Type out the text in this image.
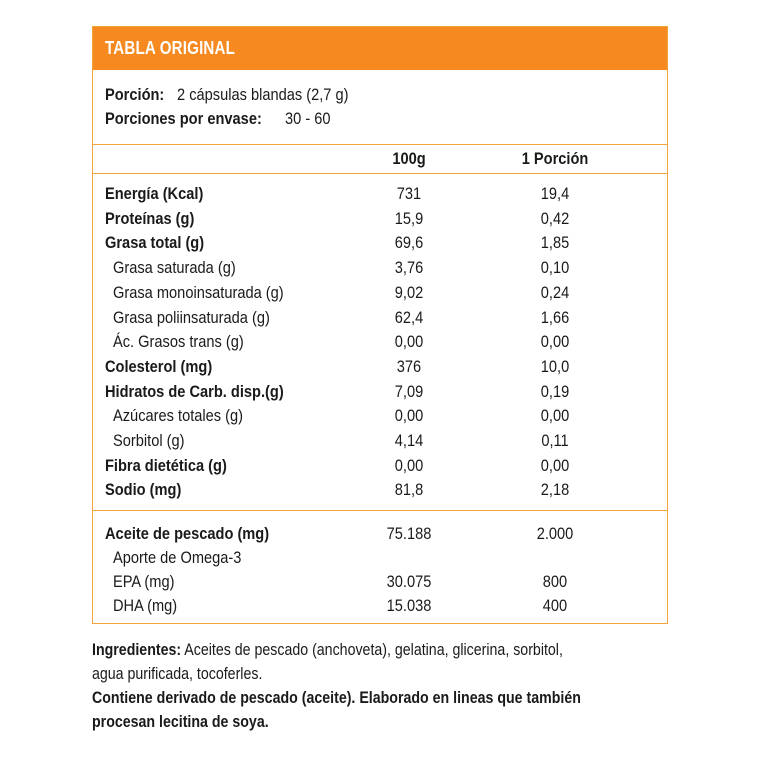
TABLA ORIGINAL
Porción: 2 cápsulas blandas (2,7 g)
Porciones por envase: 30 - 60
100g	1 Porción
Energía (Kcal)	731	19,4
Proteínas (g)	15,9	0,42
Grasa total (g)	69,6	1,85
Grasa saturada (g)	3,76	0,10
Grasa monoinsaturada (g)	9,02	0,24
Grasa poliinsaturada (g)	62,4	1,66
Ác. Grasos trans (g)	0,00	0,00
Colesterol (mg)	376	10,0
Hidratos de Carb. disp.(g)	7,09	0,19
Azúcares totales (g)	0,00	0,00
Sorbitol (g)	4,14	0,11
Fibra dietética (g)	0,00	0,00
Sodio (mg)	81,8	2,18
Aceite de pescado (mg)	75.188	2.000
Aporte de Omega-3
EPA (mg)	30.075	800
DHA (mg)	15.038	400
Ingredientes: Aceites de pescado (anchoveta), gelatina, glicerina, sorbitol,
agua purificada, tocoferles.
Contiene derivado de pescado (aceite). Elaborado en lineas que también
procesan lecitina de soya.
